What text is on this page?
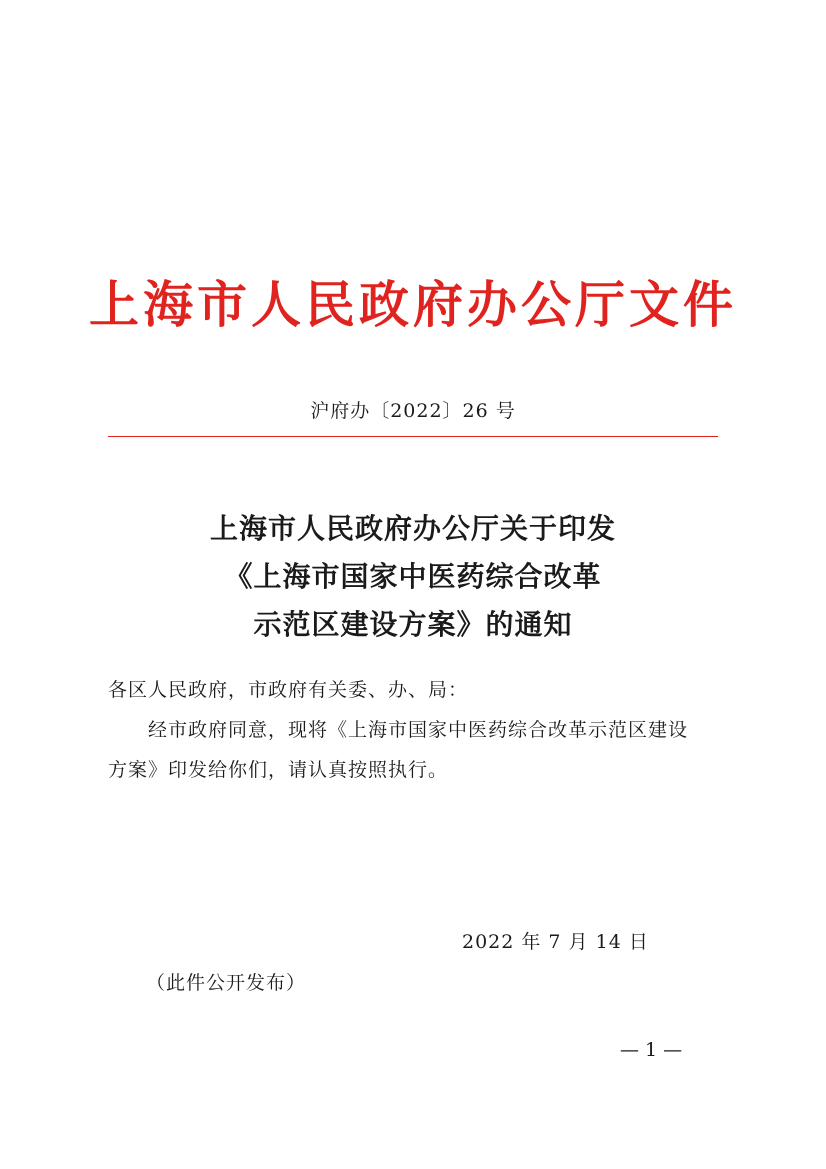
上海市人民政府办公厅文件
沪府办〔2022〕26 号
上海市人民政府办公厅关于印发
《上海市国家中医药综合改革
示范区建设方案》的通知
各区人民政府，市政府有关委、办、局：
经市政府同意，现将《上海市国家中医药综合改革示范区建设
方案》印发给你们，请认真按照执行。
2022 年 7 月 14 日
（此件公开发布）
— 1 —
